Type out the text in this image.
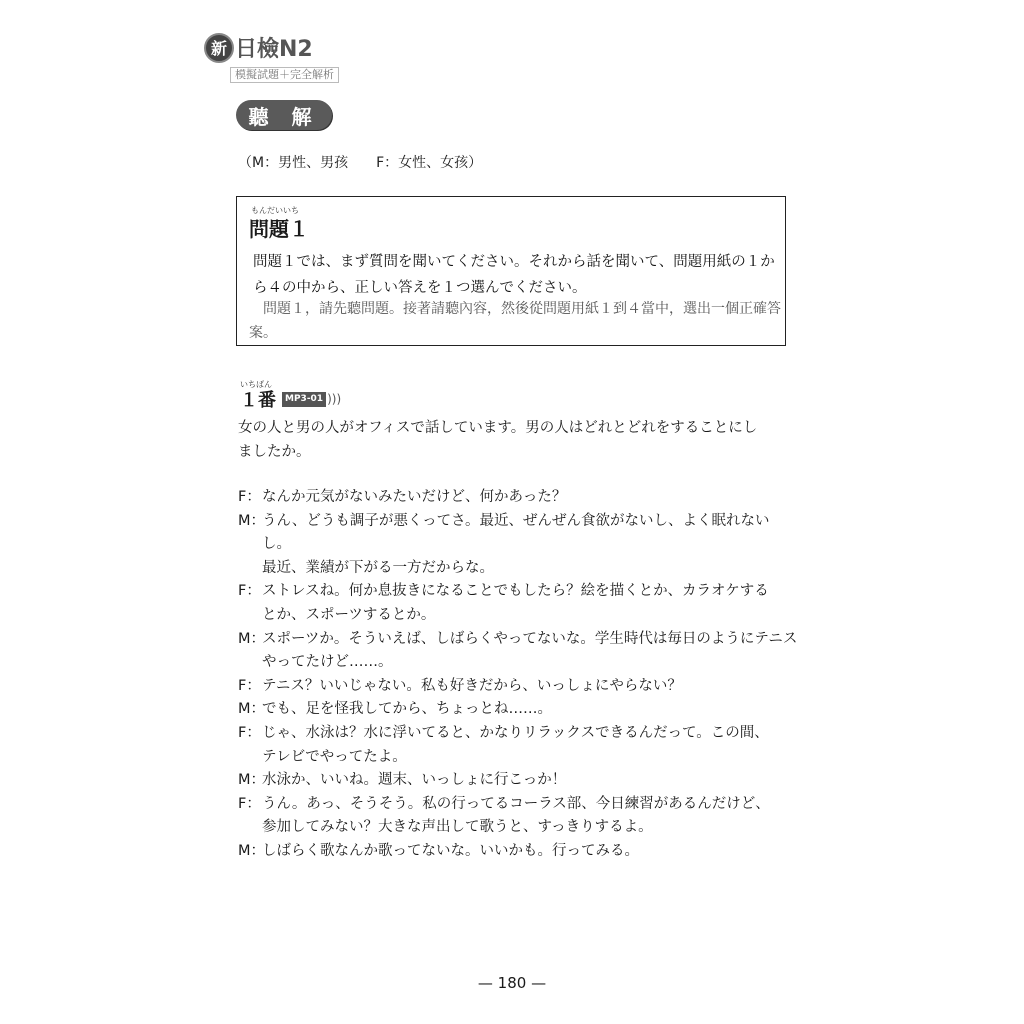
新 日檢N2
模擬試題＋完全解析
聽 解
（M：男性、男孩　　F：女性、女孩）
もんだいいち
問題１
問題１では、まず質問を聞いてください。それから話を聞いて、問題用紙の１から４の中から、正しい答えを１つ選んでください。
問題１，請先聽問題。接著請聽內容，然後從問題用紙１到４當中，選出一個正確答案。
いちばん
１番	MP3-01 )))
女の人と男の人がオフィスで話しています。男の人はどれとどれをすることにしましたか。
F： なんか元気がないみたいだけど、何かあった？
M：
うん、どうも調子が悪くってさ。最近、ぜんぜん食欲がないし、よく眠れないし。
最近、業績が下がる一方だからな。
F： ストレスね。何か息抜きになることでもしたら？絵を描くとか、カラオケする
とか、スポーツするとか。
M：
スポーツか。そういえば、しばらくやってないな。学生時代は毎日のようにテニス
やってたけど……。
F： テニス？いいじゃない。私も好きだから、いっしょにやらない？
M：
でも、足を怪我してから、ちょっとね……。
F： じゃ、水泳は？水に浮いてると、かなりリラックスできるんだって。この間、
テレビでやってたよ。
M：
水泳か、いいね。週末、いっしょに行こっか！
F： うん。あっ、そうそう。私の行ってるコーラス部、今日練習があるんだけど、
参加してみない？大きな声出して歌うと、すっきりするよ。
M：
しばらく歌なんか歌ってないな。いいかも。行ってみる。
— 180 —
